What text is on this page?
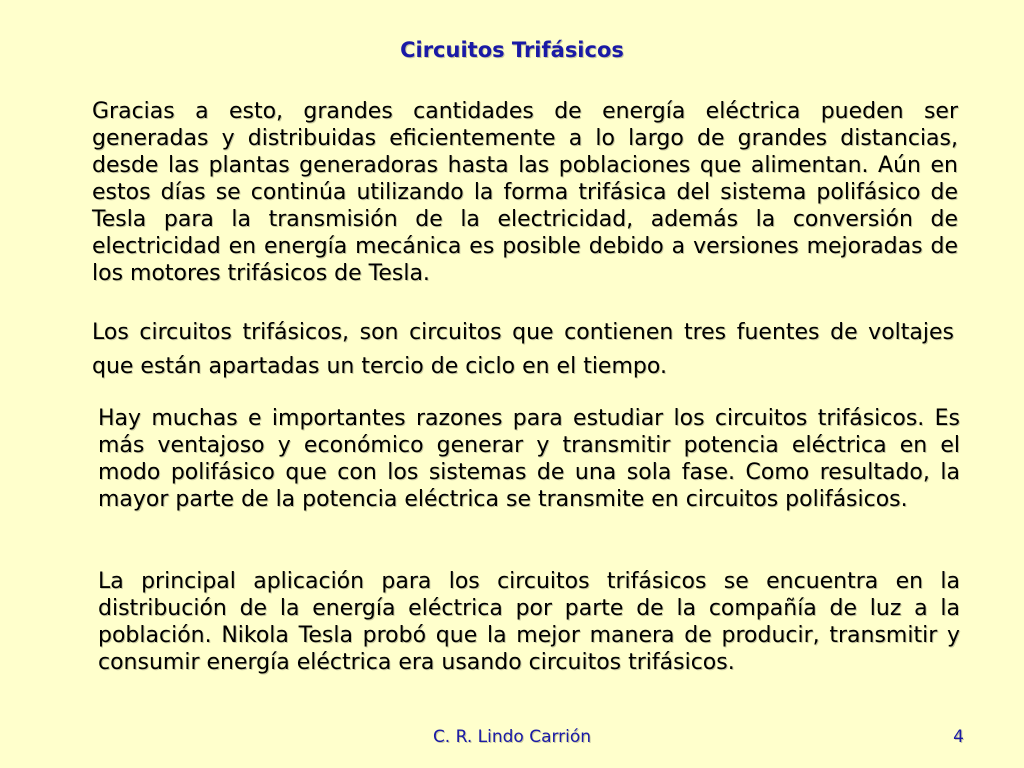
Circuitos Trifásicos

Gracias a esto, grandes cantidades de energía eléctrica pueden ser generadas y distribuidas eficientemente a lo largo de grandes distancias, desde las plantas generadoras hasta las poblaciones que alimentan. Aún en estos días se continúa utilizando la forma trifásica del sistema polifásico de Tesla para la transmisión de la electricidad, además la conversión de electricidad en energía mecánica es posible debido a versiones mejoradas de los motores trifásicos de Tesla.

Los circuitos trifásicos, son circuitos que contienen tres fuentes de voltajes que están apartadas un tercio de ciclo en el tiempo.

Hay muchas e importantes razones para estudiar los circuitos trifásicos. Es más ventajoso y económico generar y transmitir potencia eléctrica en el modo polifásico que con los sistemas de una sola fase. Como resultado, la mayor parte de la potencia eléctrica se transmite en circuitos polifásicos.

La principal aplicación para los circuitos trifásicos se encuentra en la distribución de la energía eléctrica por parte de la compañía de luz a la población. Nikola Tesla probó que la mejor manera de producir, transmitir y consumir energía eléctrica era usando circuitos trifásicos.

C. R. Lindo Carrión	4
